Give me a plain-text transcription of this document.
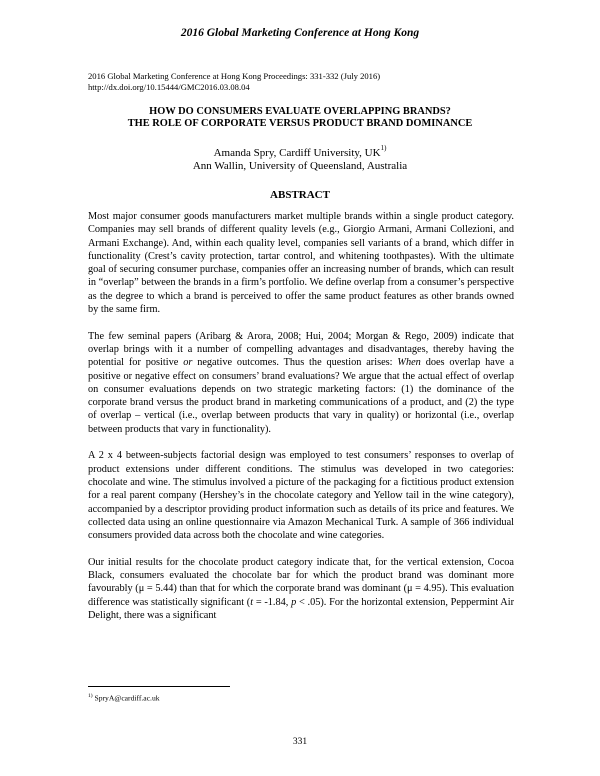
2016 Global Marketing Conference at Hong Kong
2016 Global Marketing Conference at Hong Kong Proceedings: 331-332 (July 2016)
http://dx.doi.org/10.15444/GMC2016.03.08.04
HOW DO CONSUMERS EVALUATE OVERLAPPING BRANDS?
THE ROLE OF CORPORATE VERSUS PRODUCT BRAND DOMINANCE
Amanda Spry, Cardiff University, UK$^{1)}$
Ann Wallin, University of Queensland, Australia
ABSTRACT

Most major consumer goods manufacturers market multiple brands within a single product category. Companies may sell brands of different quality levels (e.g., Giorgio Armani, Armani Collezioni, and Armani Exchange). And, within each quality level, companies sell variants of a brand, which differ in functionality (Crest’s cavity protection, tartar control, and whitening toothpastes). With the ultimate goal of securing consumer purchase, companies offer an increasing number of brands, which can result in “overlap” between the brands in a firm’s portfolio. We define overlap from a consumer’s perspective as the degree to which a brand is perceived to offer the same product features as other brands owned by the same firm.

The few seminal papers (Aribarg & Arora, 2008; Hui, 2004; Morgan & Rego, 2009) indicate that overlap brings with it a number of compelling advantages and disadvantages, thereby having the potential for positive or negative outcomes. Thus the question arises: When does overlap have a positive or negative effect on consumers’ brand evaluations? We argue that the actual effect of overlap on consumer evaluations depends on two strategic marketing factors: (1) the dominance of the corporate brand versus the product brand in marketing communications of a product, and (2) the type of overlap – vertical (i.e., overlap between products that vary in quality) or horizontal (i.e., overlap between products that vary in functionality).

A 2 x 4 between-subjects factorial design was employed to test consumers’ responses to overlap of product extensions under different conditions. The stimulus was developed in two categories: chocolate and wine. The stimulus involved a picture of the packaging for a fictitious product extension for a real parent company (Hershey’s in the chocolate category and Yellow tail in the wine category), accompanied by a descriptor providing product information such as details of its price and features. We collected data using an online questionnaire via Amazon Mechanical Turk. A sample of 366 individual consumers provided data across both the chocolate and wine categories.

Our initial results for the chocolate product category indicate that, for the vertical extension, Cocoa Black, consumers evaluated the chocolate bar for which the product brand was dominant more favourably (μ = 5.44) than that for which the corporate brand was dominant (μ = 4.95). This evaluation difference was statistically significant (t = -1.84, p < .05). For the horizontal extension, Peppermint Air Delight, there was a significant

$^{1)}$ SpryA@cardiff.ac.uk
331
